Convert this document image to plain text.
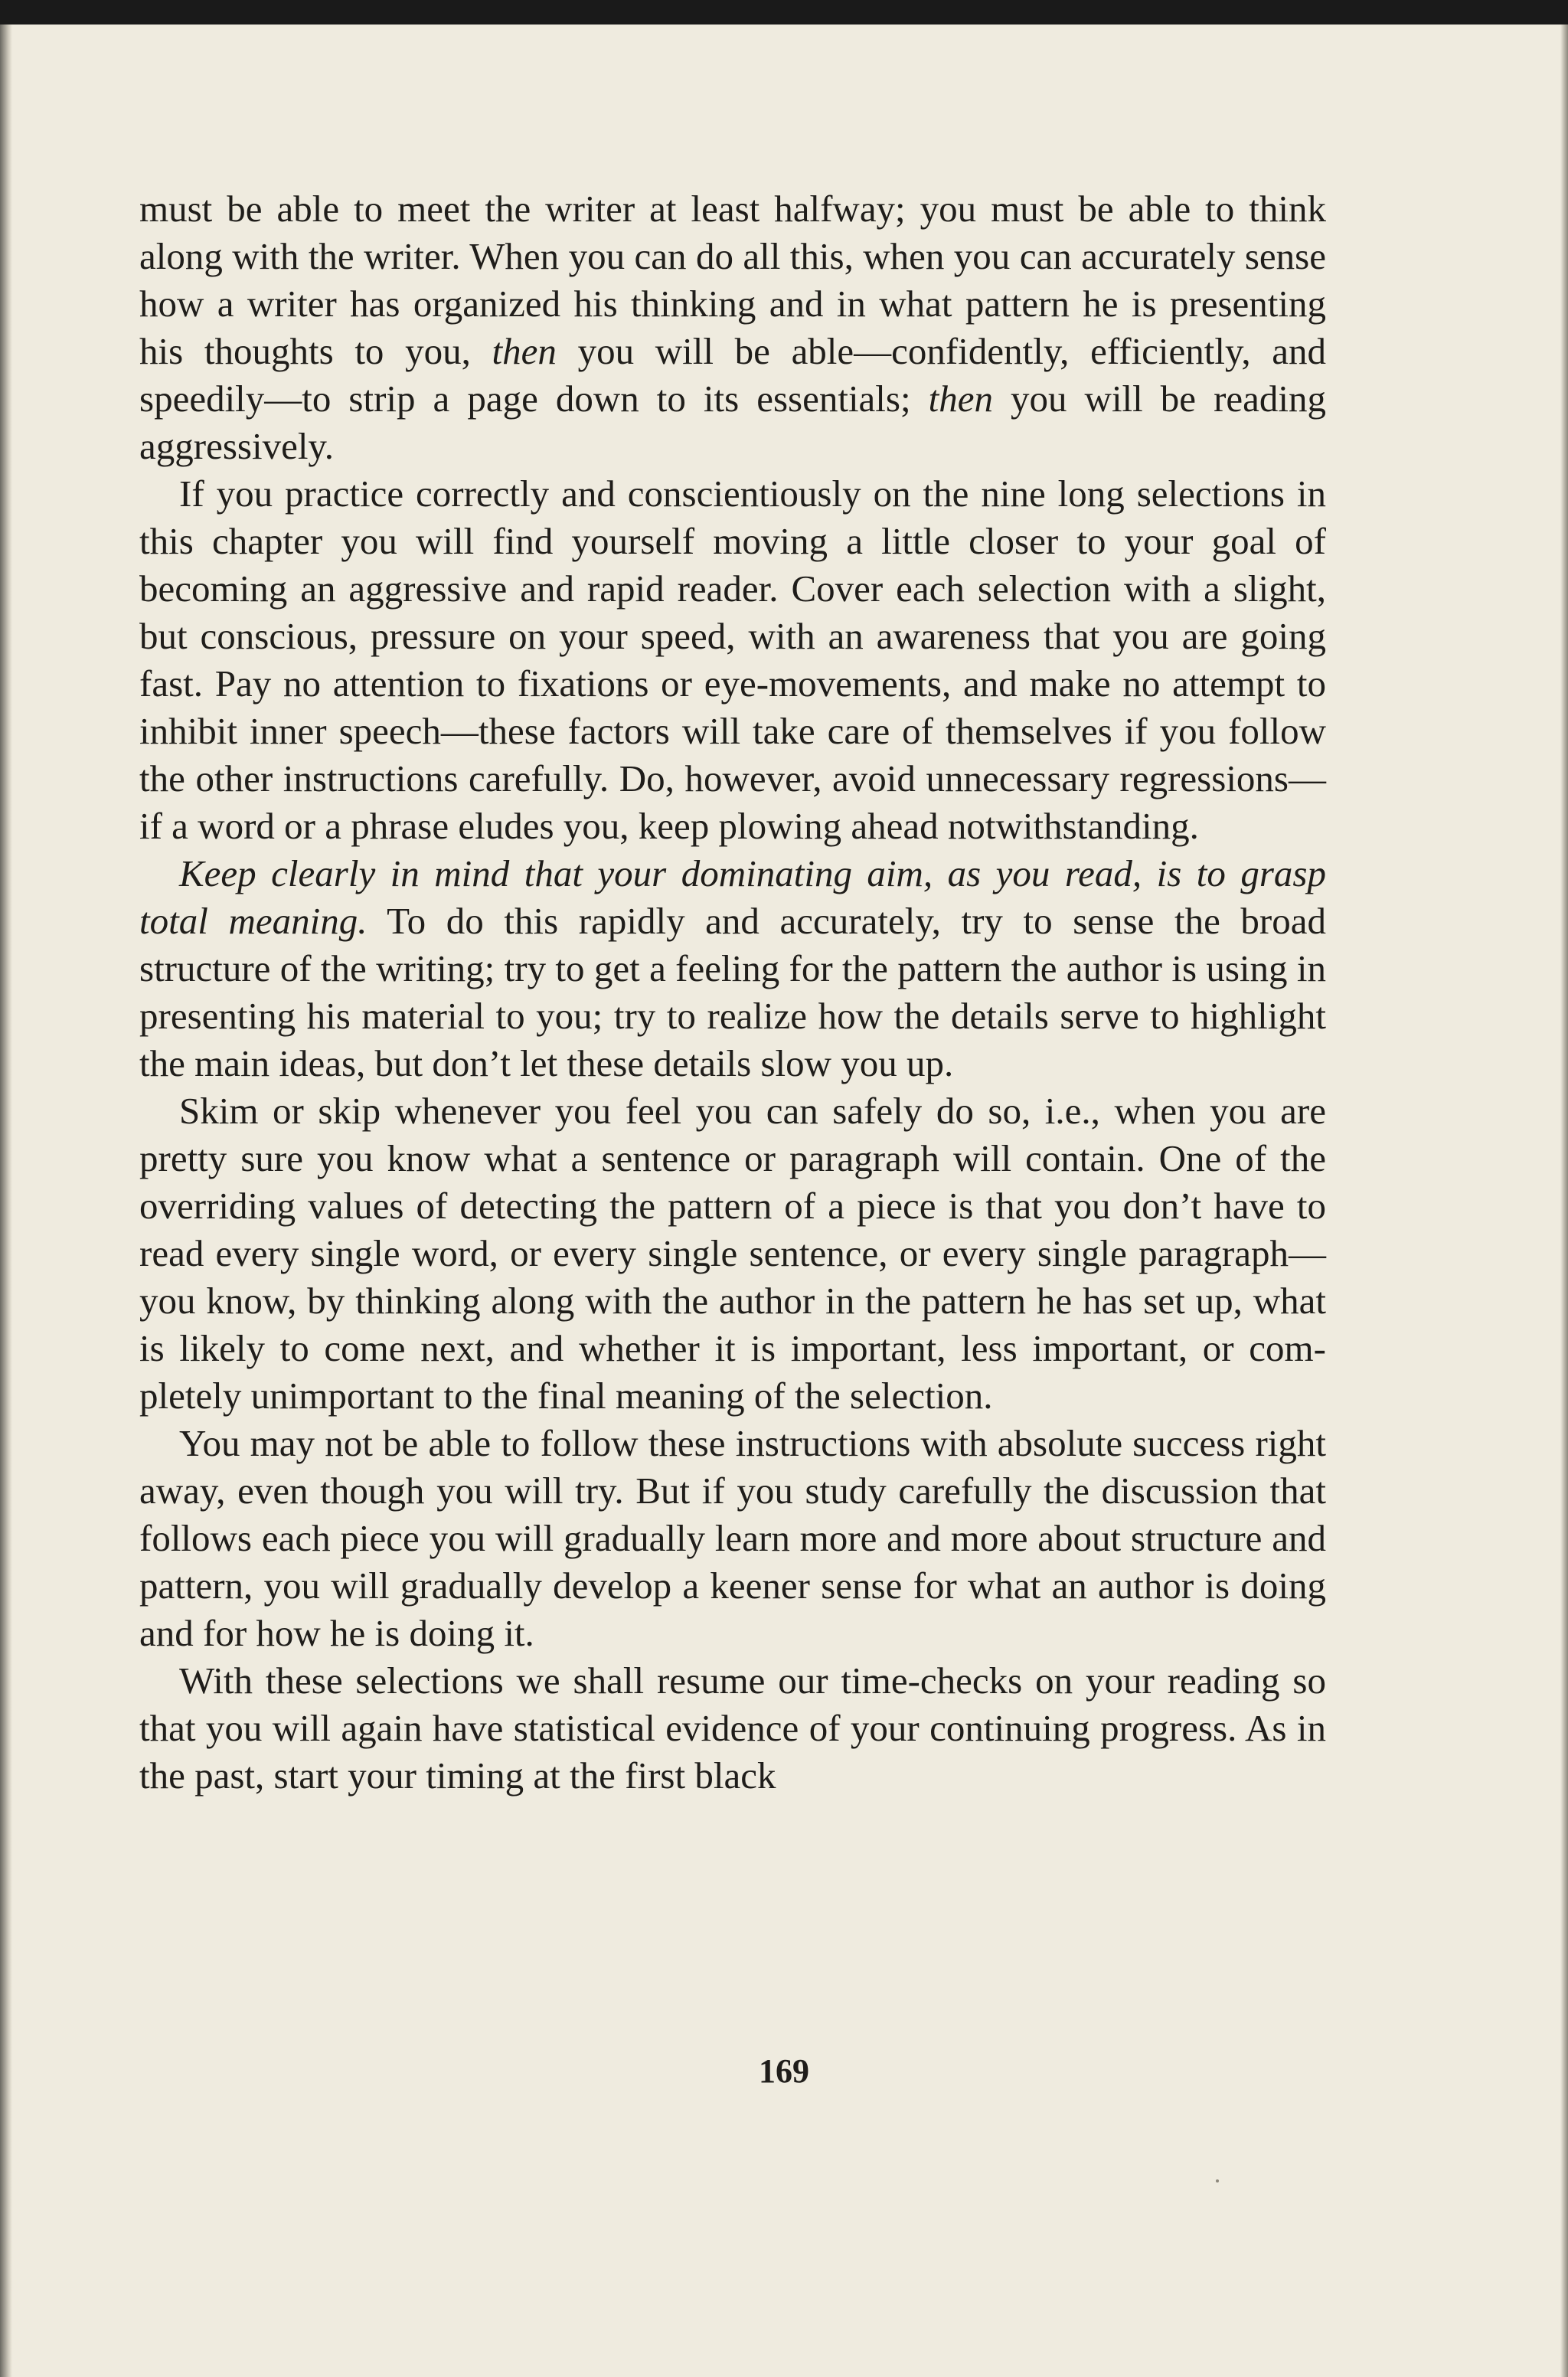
must be able to meet the writer at least halfway; you must be able to think along with the writer. When you can do all this, when you can accurately sense how a writer has organized his thinking and in what pattern he is presenting his thoughts to you, then you will be able—confidently, efficiently, and speedily—to strip a page down to its essentials; then you will be reading aggressively.

If you practice correctly and conscientiously on the nine long selections in this chapter you will find yourself moving a little closer to your goal of becoming an aggressive and rapid reader. Cover each selection with a slight, but conscious, pressure on your speed, with an awareness that you are going fast. Pay no attention to fixations or eye-movements, and make no attempt to inhibit inner speech—these factors will take care of themselves if you follow the other instructions carefully. Do, however, avoid unnecessary regressions—if a word or a phrase eludes you, keep plowing ahead notwithstanding.

Keep clearly in mind that your dominating aim, as you read, is to grasp total meaning. To do this rapidly and accurately, try to sense the broad structure of the writing; try to get a feeling for the pattern the author is using in presenting his material to you; try to realize how the details serve to highlight the main ideas, but don’t let these details slow you up.

Skim or skip whenever you feel you can safely do so, i.e., when you are pretty sure you know what a sentence or paragraph will contain. One of the overriding values of detecting the pattern of a piece is that you don’t have to read every single word, or every single sentence, or every single paragraph—you know, by thinking along with the author in the pattern he has set up, what is likely to come next, and whether it is important, less important, or completely unimportant to the final meaning of the selection.

You may not be able to follow these instructions with absolute success right away, even though you will try. But if you study carefully the discussion that follows each piece you will gradually learn more and more about structure and pattern, you will gradually develop a keener sense for what an author is doing and for how he is doing it.

With these selections we shall resume our time-checks on your reading so that you will again have statistical evidence of your continuing progress. As in the past, start your timing at the first black

169
